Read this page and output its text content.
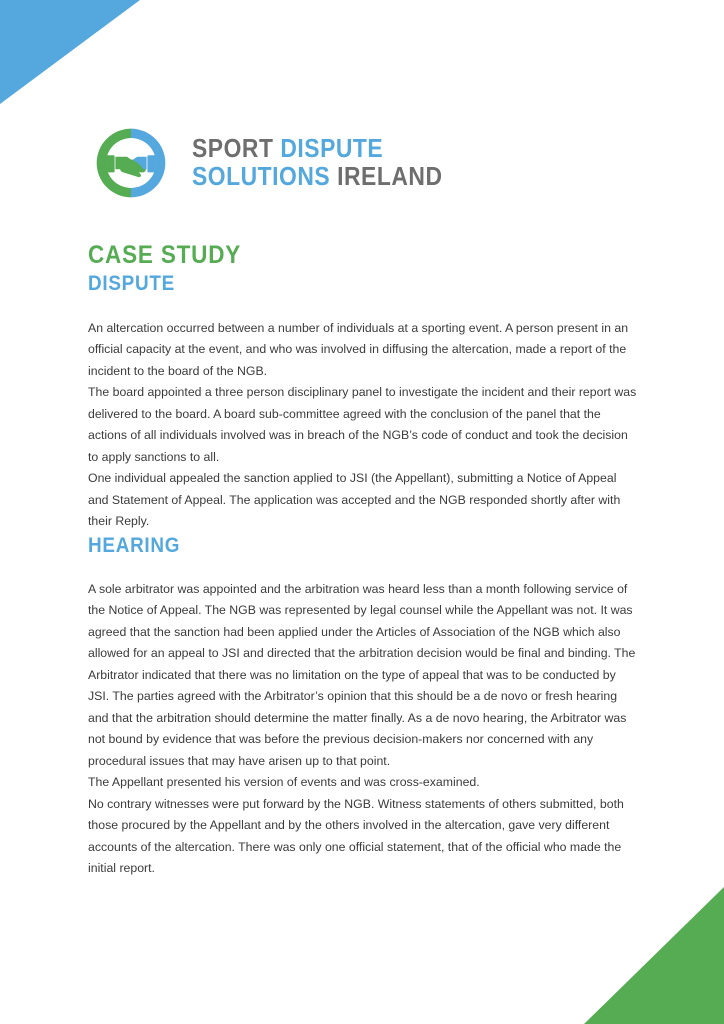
SPORT DISPUTE
SOLUTIONS IRELAND
CASE STUDY
DISPUTE

An altercation occurred between a number of individuals at a sporting event. A person present in an official capacity at the event, and who was involved in diffusing the altercation, made a report of the incident to the board of the NGB.

The board appointed a three person disciplinary panel to investigate the incident and their report was delivered to the board. A board sub-committee agreed with the conclusion of the panel that the actions of all individuals involved was in breach of the NGB’s code of conduct and took the decision to apply sanctions to all.

One individual appealed the sanction applied to JSI (the Appellant), submitting a Notice of Appeal and Statement of Appeal. The application was accepted and the NGB responded shortly after with their Reply.

HEARING

A sole arbitrator was appointed and the arbitration was heard less than a month following service of the Notice of Appeal. The NGB was represented by legal counsel while the Appellant was not. It was agreed that the sanction had been applied under the Articles of Association of the NGB which also allowed for an appeal to JSI and directed that the arbitration decision would be final and binding. The Arbitrator indicated that there was no limitation on the type of appeal that was to be conducted by JSI. The parties agreed with the Arbitrator’s opinion that this should be a de novo or fresh hearing and that the arbitration should determine the matter finally. As a de novo hearing, the Arbitrator was not bound by evidence that was before the previous decision-makers nor concerned with any procedural issues that may have arisen up to that point.

The Appellant presented his version of events and was cross-examined.

No contrary witnesses were put forward by the NGB. Witness statements of others submitted, both those procured by the Appellant and by the others involved in the altercation, gave very different accounts of the altercation. There was only one official statement, that of the official who made the initial report.
